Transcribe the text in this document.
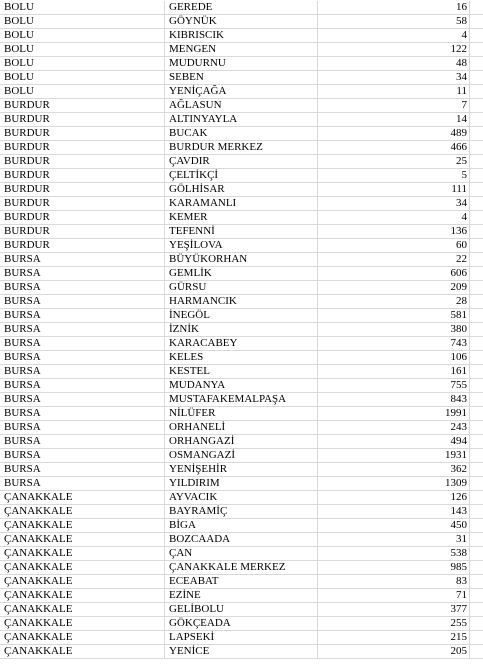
BOLU	GEREDE	16
BOLU	GÖYNÜK	58
BOLU	KIBRISCIK	4
BOLU	MENGEN	122
BOLU	MUDURNU	48
BOLU	SEBEN	34
BOLU	YENİÇAĞA	11
BURDUR	AĞLASUN	7
BURDUR	ALTINYAYLA	14
BURDUR	BUCAK	489
BURDUR	BURDUR MERKEZ	466
BURDUR	ÇAVDIR	25
BURDUR	ÇELTİKÇİ	5
BURDUR	GÖLHİSAR	111
BURDUR	KARAMANLI	34
BURDUR	KEMER	4
BURDUR	TEFENNİ	136
BURDUR	YEŞİLOVA	60
BURSA	BÜYÜKORHAN	22
BURSA	GEMLİK	606
BURSA	GÜRSU	209
BURSA	HARMANCIK	28
BURSA	İNEGÖL	581
BURSA	İZNİK	380
BURSA	KARACABEY	743
BURSA	KELES	106
BURSA	KESTEL	161
BURSA	MUDANYA	755
BURSA	MUSTAFAKEMALPAŞA	843
BURSA	NİLÜFER	1991
BURSA	ORHANELİ	243
BURSA	ORHANGAZİ	494
BURSA	OSMANGAZİ	1931
BURSA	YENİŞEHİR	362
BURSA	YILDIRIM	1309
ÇANAKKALE	AYVACIK	126
ÇANAKKALE	BAYRAMİÇ	143
ÇANAKKALE	BİGA	450
ÇANAKKALE	BOZCAADA	31
ÇANAKKALE	ÇAN	538
ÇANAKKALE	ÇANAKKALE MERKEZ	985
ÇANAKKALE	ECEABAT	83
ÇANAKKALE	EZİNE	71
ÇANAKKALE	GELİBOLU	377
ÇANAKKALE	GÖKÇEADA	255
ÇANAKKALE	LAPSEKİ	215
ÇANAKKALE	YENİCE	205
